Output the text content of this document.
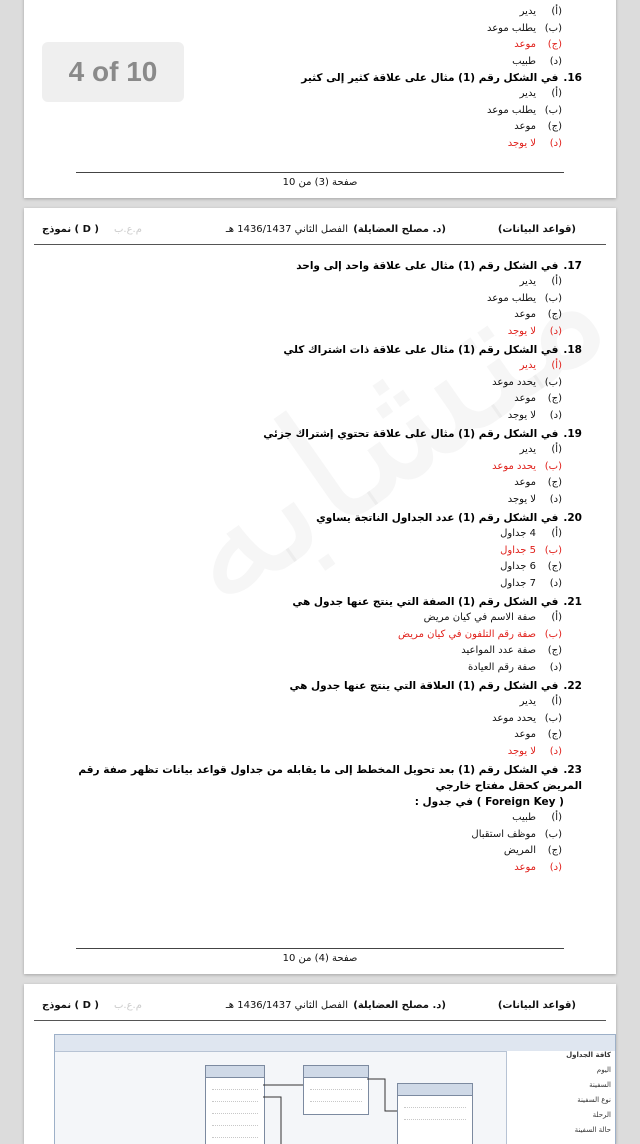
(أ)يدير
(ب)يطلب موعد
(ج)موعد
(د)طبيب
16.في الشكل رقم (1) مثال على علاقة كثير إلى كثير
(أ)يدير
(ب)يطلب موعد
(ج)موعد
(د)لا يوجد
صفحة (3) من 10
(قواعد البيانات)
(د. مصلح العضايلة)
الفصل الثاني 1436/1437 هـ
م.ع.ب
نموذج ( D )
17.في الشكل رقم (1) مثال على علاقة واحد إلى واحد
(أ)يدير
(ب)يطلب موعد
(ج)موعد
(د)لا يوجد
18.في الشكل رقم (1) مثال على علاقة ذات اشتراك كلي
(أ)يدير
(ب)يحدد موعد
(ج)موعد
(د)لا يوجد
19.في الشكل رقم (1) مثال على علاقة تحتوي إشتراك جزئي
(أ)يدير
(ب)يحدد موعد
(ج)موعد
(د)لا يوجد
20.في الشكل رقم (1) عدد الجداول الناتجة يساوي
(أ)4 جداول
(ب)5 جداول
(ج)6 جداول
(د)7 جداول
21.في الشكل رقم (1) الصفة التي ينتج عنها جدول هي
(أ)صفة الاسم في كيان مريض
(ب)صفة رقم التلفون في كيان مريض
(ج)صفة عدد المواعيد
(د)صفة رقم العيادة
22.في الشكل رقم (1) العلاقة التي ينتج عنها جدول هي
(أ)يدير
(ب)يحدد موعد
(ج)موعد
(د)لا يوجد
23.في الشكل رقم (1) بعد تحويل المخطط إلى ما يقابله من جداول قواعد بيانات تظهر صفة رقم المريض كحقل مفتاح خارجي
( Foreign Key ) في جدول :
(أ)طبيب
(ب)موظف استقبال
(ج)المريض
(د)موعد
صفحة (4) من 10
(قواعد البيانات)
(د. مصلح العضايلة)
الفصل الثاني 1436/1437 هـ
م.ع.ب
نموذج ( D )
كافة الجداول
اليوم
السفينة
نوع السفينة
الرحلة
حالة السفينة
4 of 10
